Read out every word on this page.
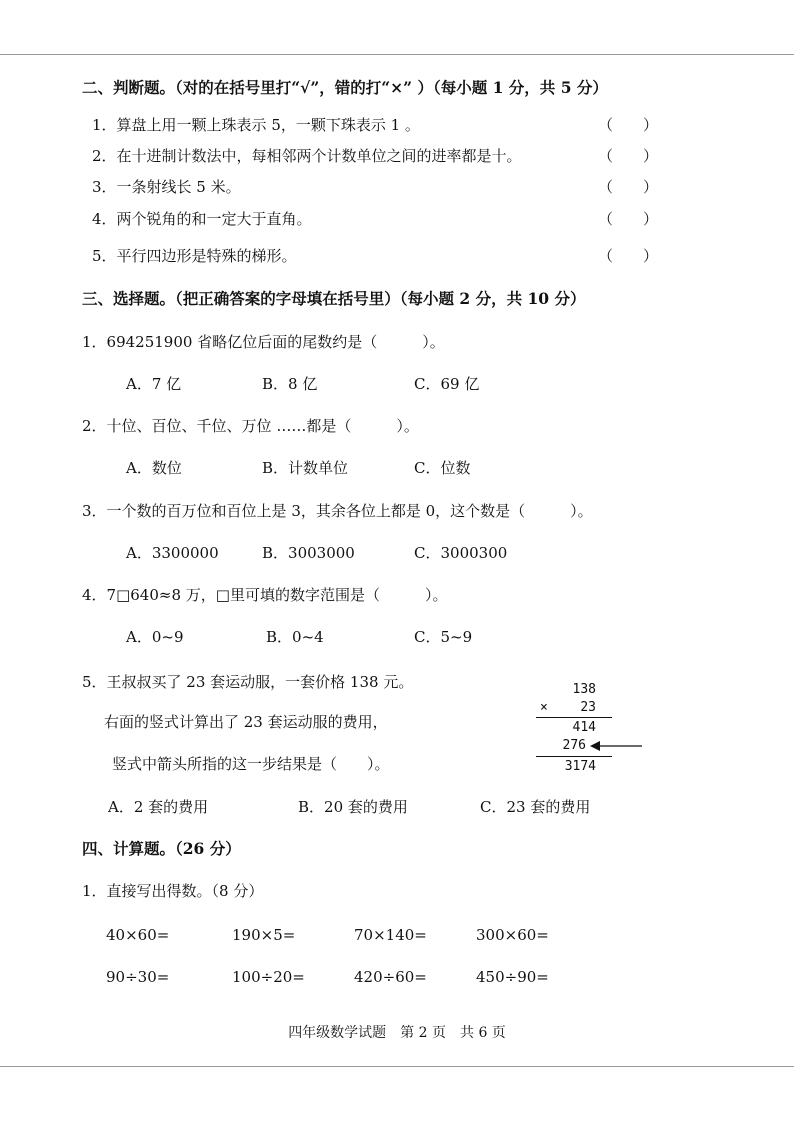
二、判断题。（对的在括号里打“√”，错的打“×” ）（每小题 1 分，共 5 分）
1．算盘上用一颗上珠表示 5，一颗下珠表示 1 。	（　　）
2．在十进制计数法中，每相邻两个计数单位之间的进率都是十。	（　　）
3．一条射线长 5 米。	（　　）
4．两个锐角的和一定大于直角。	（　　）
5．平行四边形是特殊的梯形。	（　　）
三、选择题。（把正确答案的字母填在括号里）（每小题 2 分，共 10 分）
1．694251900 省略亿位后面的尾数约是（　　　）。
A．7 亿	B．8 亿	C．69 亿
2．十位、百位、千位、万位 ……都是（　　　）。
A．数位	B．计数单位	C．位数
3．一个数的百万位和百位上是 3，其余各位上都是 0，这个数是（　　　）。
A．3300000	B．3003000	C．3000300
4．7□640≈8 万，□里可填的数字范围是（　　　）。
A．0~9	B．0~4	C．5~9
5．王叔叔买了 23 套运动服，一套价格 138 元。
右面的竖式计算出了 23 套运动服的费用，
竖式中箭头所指的这一步结果是（　　）。
138
×	23
414
276
3174
A．2 套的费用	B．20 套的费用	C．23 套的费用
四、计算题。（26 分）
1．直接写出得数。（8 分）
40×60=	190×5=	70×140=	300×60=
90÷30=	100÷20=	420÷60=	450÷90=
四年级数学试题　第 2 页　共 6 页
